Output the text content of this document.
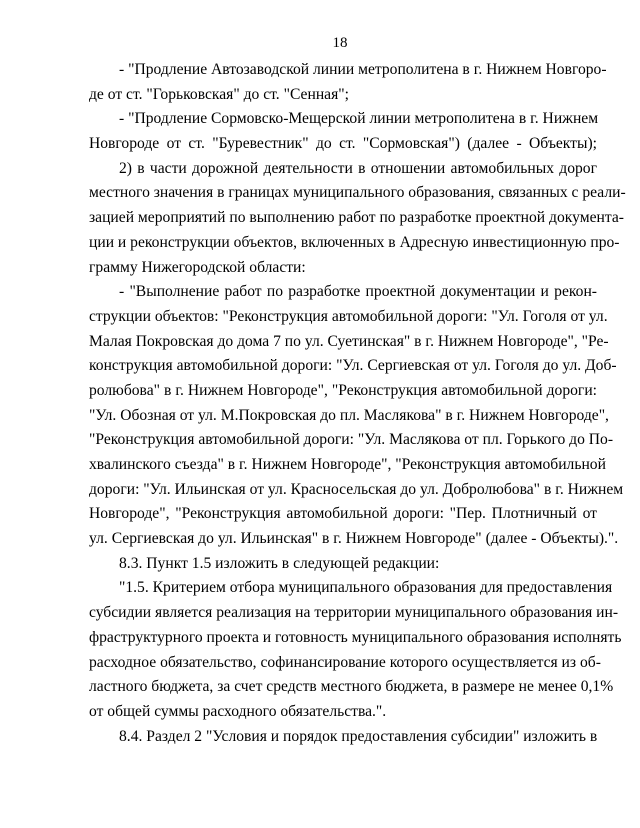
18
- "Продление Автозаводской линии метрополитена в г. Нижнем Новгоро-
де от ст. "Горьковская" до ст. "Сенная";
- "Продление Сормовско-Мещерской линии метрополитена в г. Нижнем
Новгороде от ст. "Буревестник" до ст. "Сормовская") (далее - Объекты);
2) в части дорожной деятельности в отношении автомобильных дорог
местного значения в границах муниципального образования, связанных с реали-
зацией мероприятий по выполнению работ по разработке проектной документа-
ции и реконструкции объектов, включенных в Адресную инвестиционную про-
грамму Нижегородской области:
- "Выполнение работ по разработке проектной документации и рекон-
струкции объектов: "Реконструкция автомобильной дороги: "Ул. Гоголя от ул.
Малая Покровская до дома 7 по ул. Суетинская" в г. Нижнем Новгороде", "Ре-
конструкция автомобильной дороги: "Ул. Сергиевская от ул. Гоголя до ул. Доб-
ролюбова" в г. Нижнем Новгороде", "Реконструкция автомобильной дороги:
"Ул. Обозная от ул. М.Покровская до пл. Маслякова" в г. Нижнем Новгороде",
"Реконструкция автомобильной дороги: "Ул. Маслякова от пл. Горького до По-
хвалинского съезда" в г. Нижнем Новгороде", "Реконструкция автомобильной
дороги: "Ул. Ильинская от ул. Красносельская до ул. Добролюбова" в г. Нижнем
Новгороде", "Реконструкция автомобильной дороги: "Пер. Плотничный от
ул. Сергиевская до ул. Ильинская" в г. Нижнем Новгороде" (далее - Объекты).".
8.3. Пункт 1.5 изложить в следующей редакции:
"1.5. Критерием отбора муниципального образования для предоставления
субсидии является реализация на территории муниципального образования ин-
фраструктурного проекта и готовность муниципального образования исполнять
расходное обязательство, софинансирование которого осуществляется из об-
ластного бюджета, за счет средств местного бюджета, в размере не менее 0,1%
от общей суммы расходного обязательства.".
8.4. Раздел 2 "Условия и порядок предоставления субсидии" изложить в
